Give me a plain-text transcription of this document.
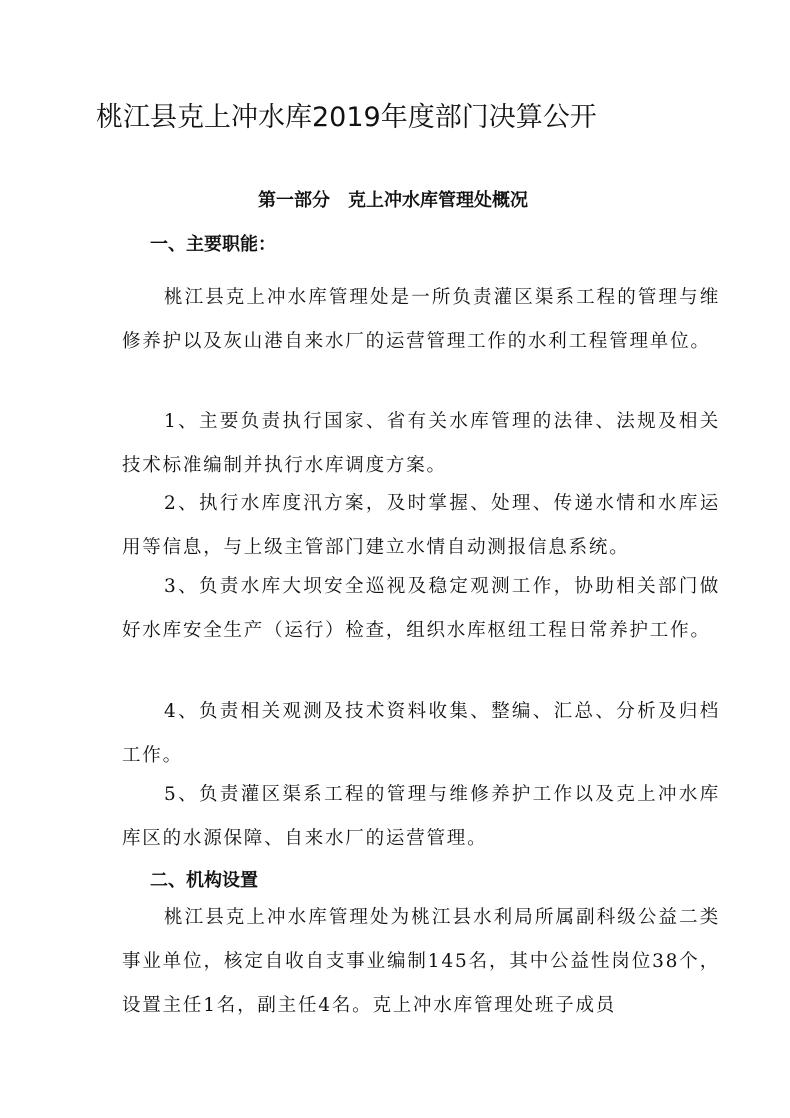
桃江县克上冲水库2019年度部门决算公开
第一部分　克上冲水库管理处概况
一、主要职能：

桃江县克上冲水库管理处是一所负责灌区渠系工程的管理与维修养护以及灰山港自来水厂的运营管理工作的水利工程管理单位。

1、主要负责执行国家、省有关水库管理的法律、法规及相关技术标准编制并执行水库调度方案。

2、执行水库度汛方案，及时掌握、处理、传递水情和水库运用等信息，与上级主管部门建立水情自动测报信息系统。

3、负责水库大坝安全巡视及稳定观测工作，协助相关部门做好水库安全生产（运行）检查，组织水库枢纽工程日常养护工作。

4、负责相关观测及技术资料收集、整编、汇总、分析及归档工作。

5、负责灌区渠系工程的管理与维修养护工作以及克上冲水库库区的水源保障、自来水厂的运营管理。

二、机构设置

桃江县克上冲水库管理处为桃江县水利局所属副科级公益二类事业单位，核定自收自支事业编制145名，其中公益性岗位38个，设置主任1名，副主任4名。克上冲水库管理处班子成员
